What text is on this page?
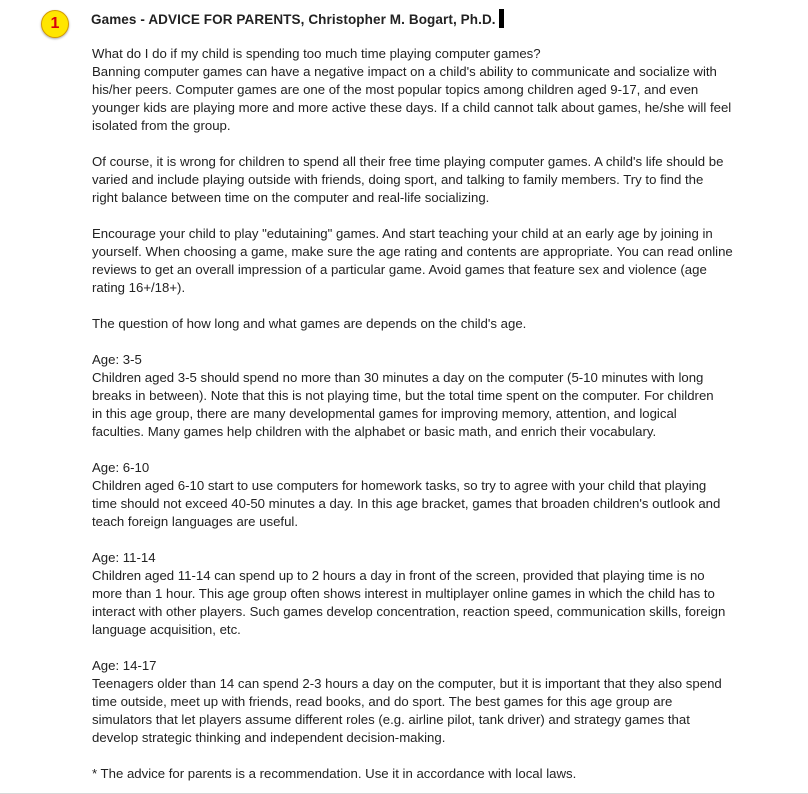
1 Games - ADVICE FOR PARENTS, Christopher M. Bogart, Ph.D.

What do I do if my child is spending too much time playing computer games?
Banning computer games can have a negative impact on a child's ability to communicate and socialize with
his/her peers. Computer games are one of the most popular topics among children aged 9-17, and even
younger kids are playing more and more active these days. If a child cannot talk about games, he/she will feel
isolated from the group.

Of course, it is wrong for children to spend all their free time playing computer games. A child's life should be
varied and include playing outside with friends, doing sport, and talking to family members. Try to find the
right balance between time on the computer and real-life socializing.

Encourage your child to play "edutaining" games. And start teaching your child at an early age by joining in
yourself. When choosing a game, make sure the age rating and contents are appropriate. You can read online
reviews to get an overall impression of a particular game. Avoid games that feature sex and violence (age
rating 16+/18+).

The question of how long and what games are depends on the child's age.

Age: 3-5
Children aged 3-5 should spend no more than 30 minutes a day on the computer (5-10 minutes with long
breaks in between). Note that this is not playing time, but the total time spent on the computer. For children
in this age group, there are many developmental games for improving memory, attention, and logical
faculties. Many games help children with the alphabet or basic math, and enrich their vocabulary.

Age: 6-10
Children aged 6-10 start to use computers for homework tasks, so try to agree with your child that playing
time should not exceed 40-50 minutes a day. In this age bracket, games that broaden children's outlook and
teach foreign languages are useful.

Age: 11-14
Children aged 11-14 can spend up to 2 hours a day in front of the screen, provided that playing time is no
more than 1 hour. This age group often shows interest in multiplayer online games in which the child has to
interact with other players. Such games develop concentration, reaction speed, communication skills, foreign
language acquisition, etc.

Age: 14-17
Teenagers older than 14 can spend 2-3 hours a day on the computer, but it is important that they also spend
time outside, meet up with friends, read books, and do sport. The best games for this age group are
simulators that let players assume different roles (e.g. airline pilot, tank driver) and strategy games that
develop strategic thinking and independent decision-making.

* The advice for parents is a recommendation. Use it in accordance with local laws.
